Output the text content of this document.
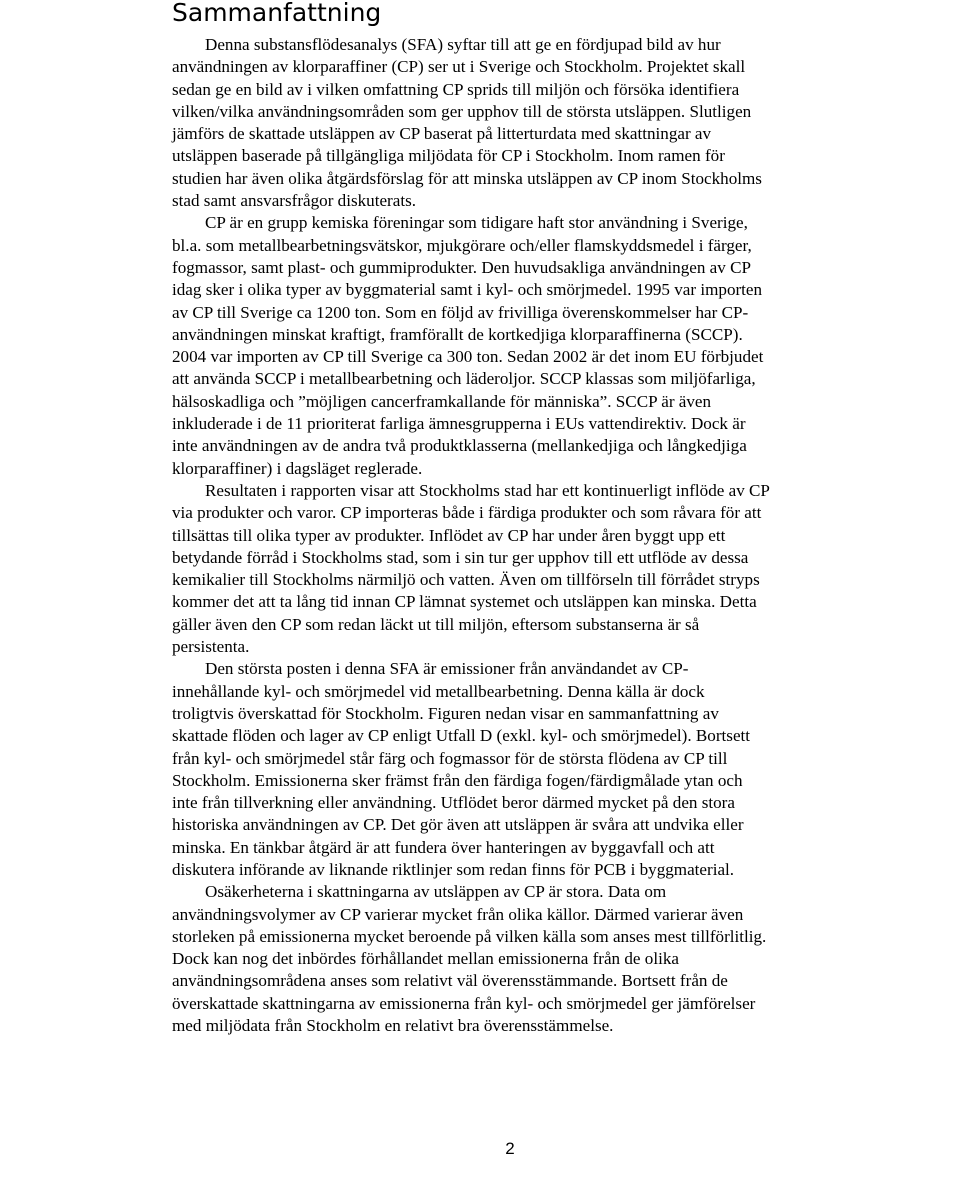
Sammanfattning
Denna substansflödesanalys (SFA) syftar till att ge en fördjupad bild av hur
användningen av klorparaffiner (CP) ser ut i Sverige och Stockholm. Projektet skall
sedan ge en bild av i vilken omfattning CP sprids till miljön och försöka identifiera
vilken/vilka användningsområden som ger upphov till de största utsläppen. Slutligen
jämförs de skattade utsläppen av CP baserat på litterturdata med skattningar av
utsläppen baserade på tillgängliga miljödata för CP i Stockholm. Inom ramen för
studien har även olika åtgärdsförslag för att minska utsläppen av CP inom Stockholms
stad samt ansvarsfrågor diskuterats.
CP är en grupp kemiska föreningar som tidigare haft stor användning i Sverige,
bl.a. som metallbearbetningsvätskor, mjukgörare och/eller flamskyddsmedel i färger,
fogmassor, samt plast- och gummiprodukter. Den huvudsakliga användningen av CP
idag sker i olika typer av byggmaterial samt i kyl- och smörjmedel. 1995 var importen
av CP till Sverige ca 1200 ton. Som en följd av frivilliga överenskommelser har CP-
användningen minskat kraftigt, framförallt de kortkedjiga klorparaffinerna (SCCP).
2004 var importen av CP till Sverige ca 300 ton. Sedan 2002 är det inom EU förbjudet
att använda SCCP i metallbearbetning och läderoljor. SCCP klassas som miljöfarliga,
hälsoskadliga och ”möjligen cancerframkallande för människa”. SCCP är även
inkluderade i de 11 prioriterat farliga ämnesgrupperna i EUs vattendirektiv. Dock är
inte användningen av de andra två produktklasserna (mellankedjiga och långkedjiga
klorparaffiner) i dagsläget reglerade.
Resultaten i rapporten visar att Stockholms stad har ett kontinuerligt inflöde av CP
via produkter och varor. CP importeras både i färdiga produkter och som råvara för att
tillsättas till olika typer av produkter. Inflödet av CP har under åren byggt upp ett
betydande förråd i Stockholms stad, som i sin tur ger upphov till ett utflöde av dessa
kemikalier till Stockholms närmiljö och vatten. Även om tillförseln till förrådet stryps
kommer det att ta lång tid innan CP lämnat systemet och utsläppen kan minska. Detta
gäller även den CP som redan läckt ut till miljön, eftersom substanserna är så
persistenta.
Den största posten i denna SFA är emissioner från användandet av CP-
innehållande kyl- och smörjmedel vid metallbearbetning. Denna källa är dock
troligtvis överskattad för Stockholm. Figuren nedan visar en sammanfattning av
skattade flöden och lager av CP enligt Utfall D (exkl. kyl- och smörjmedel). Bortsett
från kyl- och smörjmedel står färg och fogmassor för de största flödena av CP till
Stockholm. Emissionerna sker främst från den färdiga fogen/färdigmålade ytan och
inte från tillverkning eller användning. Utflödet beror därmed mycket på den stora
historiska användningen av CP. Det gör även att utsläppen är svåra att undvika eller
minska. En tänkbar åtgärd är att fundera över hanteringen av byggavfall och att
diskutera införande av liknande riktlinjer som redan finns för PCB i byggmaterial.
Osäkerheterna i skattningarna av utsläppen av CP är stora. Data om
användningsvolymer av CP varierar mycket från olika källor. Därmed varierar även
storleken på emissionerna mycket beroende på vilken källa som anses mest tillförlitlig.
Dock kan nog det inbördes förhållandet mellan emissionerna från de olika
användningsområdena anses som relativt väl överensstämmande. Bortsett från de
överskattade skattningarna av emissionerna från kyl- och smörjmedel ger jämförelser
med miljödata från Stockholm en relativt bra överensstämmelse.
2
